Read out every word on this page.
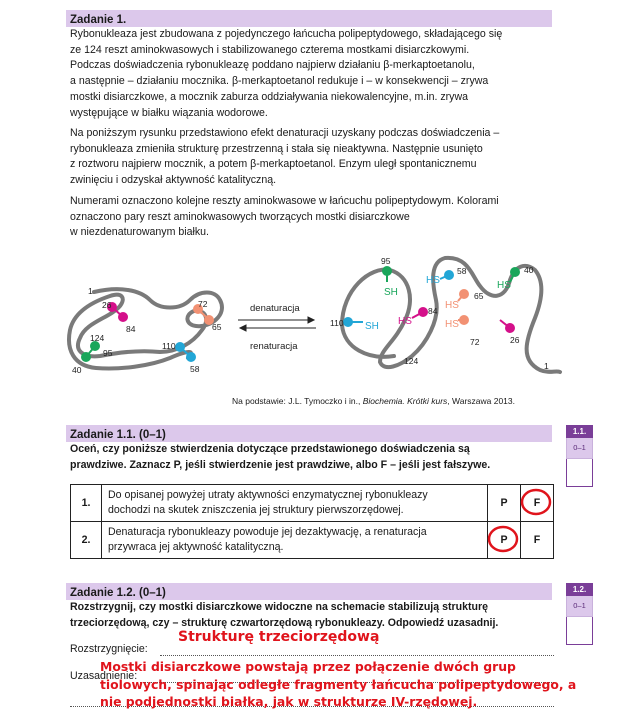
Zadanie 1.
Rybonukleaza jest zbudowana z pojedynczego łańcucha polipeptydowego, składającego się
ze 124 reszt aminokwasowych i stabilizowanego czterema mostkami disiarczkowymi.
Podczas doświadczenia rybonukleazę poddano najpierw działaniu β-merkaptoetanolu,
a następnie – działaniu mocznika. β-merkaptoetanol redukuje i – w konsekwencji – zrywa
mostki disiarczkowe, a mocznik zaburza oddziaływania niekowalencyjne, m.in. zrywa
występujące w białku wiązania wodorowe.
Na poniższym rysunku przedstawiono efekt denaturacji uzyskany podczas doświadczenia –
rybonukleaza zmieniła strukturę przestrzenną i stała się nieaktywna. Następnie usunięto
z roztworu najpierw mocznik, a potem β-merkaptoetanol. Enzym uległ spontanicznemu
zwinięciu i odzyskał aktywność katalityczną.
Numerami oznaczono kolejne reszty aminokwasowe w łańcuchu polipeptydowym. Kolorami
oznaczono pary reszt aminokwasowych tworzących mostki disiarczkowe
w niezdenaturowanym białku.
1
26
84
72
65
124
95
110
40	58
denaturacja
renaturacja
95
SH
58
HS
40
HS
65
HS
84
HS	HS
110 SH
72	26
124	1
Na podstawie: J.L. Tymoczko i in., Biochemia. Krótki kurs, Warszawa 2013.
Zadanie 1.1. (0–1)
Oceń, czy poniższe stwierdzenia dotyczące przedstawionego doświadczenia są
prawdziwe. Zaznacz P, jeśli stwierdzenie jest prawdziwe, albo F – jeśli jest fałszywe.
1.	Do opisanej powyżej utraty aktywności enzymatycznej rybonukleazy
dochodzi na skutek zniszczenia jej struktury pierwszorzędowej.	P	F

2.	Denaturacja rybonukleazy powoduje jej dezaktywację, a renaturacja
przywraca jej aktywność katalityczną.	P	F
1.1.
0–1
Zadanie 1.2. (0–1)
Rozstrzygnij, czy mostki disiarczkowe widoczne na schemacie stabilizują strukturę
trzeciorzędową, czy – strukturę czwartorzędową rybonukleazy. Odpowiedź uzasadnij.
1.2.
0–1
Rozstrzygnięcie:
Uzasadnienie:
Strukturę trzeciorzędową
Mostki disiarczkowe powstają przez połączenie dwóch grup
tiolowych, spinając odległe fragmenty łańcucha polipeptydowego, a
nie podjednostki białka, jak w strukturze IV-rzędowej.
